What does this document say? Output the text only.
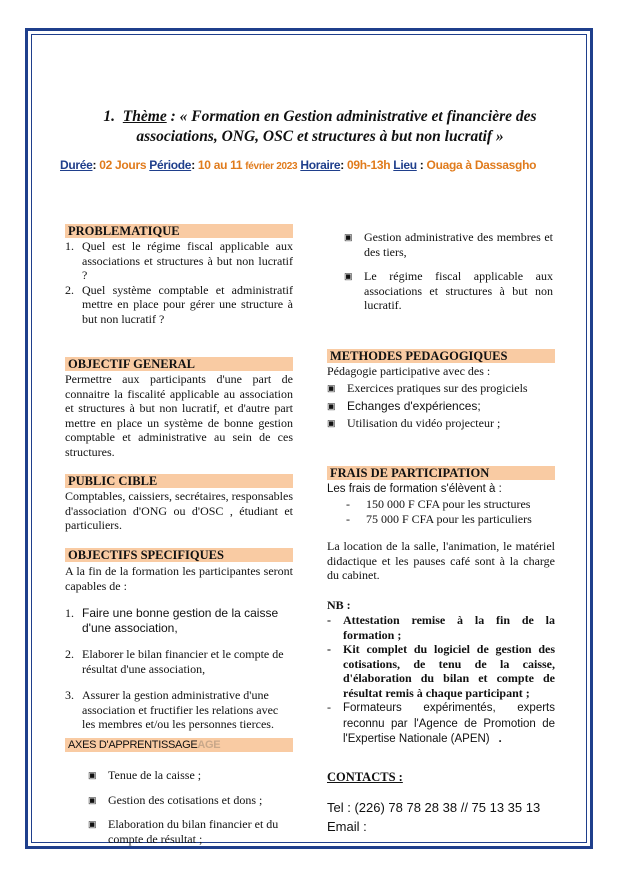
1. Thème : « Formation en Gestion administrative et financière des
associations, ONG, OSC et structures à but non lucratif »
Durée: 02 Jours Période: 10 au 11 février 2023 Horaire: 09h-13h Lieu : Ouaga à Dassasgho
PROBLEMATIQUE
1. Quel est le régime fiscal applicable aux associations et structures à but non lucratif ?
2. Quel système comptable et administratif mettre en place pour gérer une structure à but non lucratif ?
OBJECTIF GENERAL
Permettre aux participants d'une part de connaitre la fiscalité applicable au association et structures à but non lucratif, et d'autre part mettre en place un système de bonne gestion comptable et administrative au sein de ces structures.
PUBLIC CIBLE
Comptables, caissiers, secrétaires, responsables d'association d'ONG ou d'OSC , étudiant et particuliers.
OBJECTIFS SPECIFIQUES
A la fin de la formation les participantes seront capables de :
1. Faire une bonne gestion de la caisse d'une association,
2. Elaborer le bilan financier et le compte de résultat d'une association,
3. Assurer la gestion administrative d'une association et fructifier les relations avec les membres et/ou les personnes tierces.
AXES D'APPRENTISSAGEAGE
▣ Tenue de la caisse ;
▣ Gestion des cotisations et dons ;
▣ Elaboration du bilan financier et du compte de résultat ;
▣ Gestion administrative des membres et des tiers,
▣ Le régime fiscal applicable aux associations et structures à but non lucratif.
METHODES PEDAGOGIQUES
Pédagogie participative avec des :
▣ Exercices pratiques sur des progiciels
▣ Echanges d'expériences;
▣ Utilisation du vidéo projecteur ;
FRAIS DE PARTICIPATION
Les frais de formation s'élèvent à :
- 150 000 F CFA pour les structures
- 75 000 F CFA pour les particuliers
La location de la salle, l'animation, le matériel didactique et les pauses café sont à la charge du cabinet.
NB :
- Attestation remise à la fin de la formation ;
- Kit complet du logiciel de gestion des cotisations, de tenu de la caisse, d'élaboration du bilan et compte de résultat remis à chaque participant ;
- Formateurs expérimentés, experts reconnu par l'Agence de Promotion de l'Expertise Nationale (APEN) .
CONTACTS :
Tel : (226) 78 78 28 38 // 75 13 35 13
Email :
